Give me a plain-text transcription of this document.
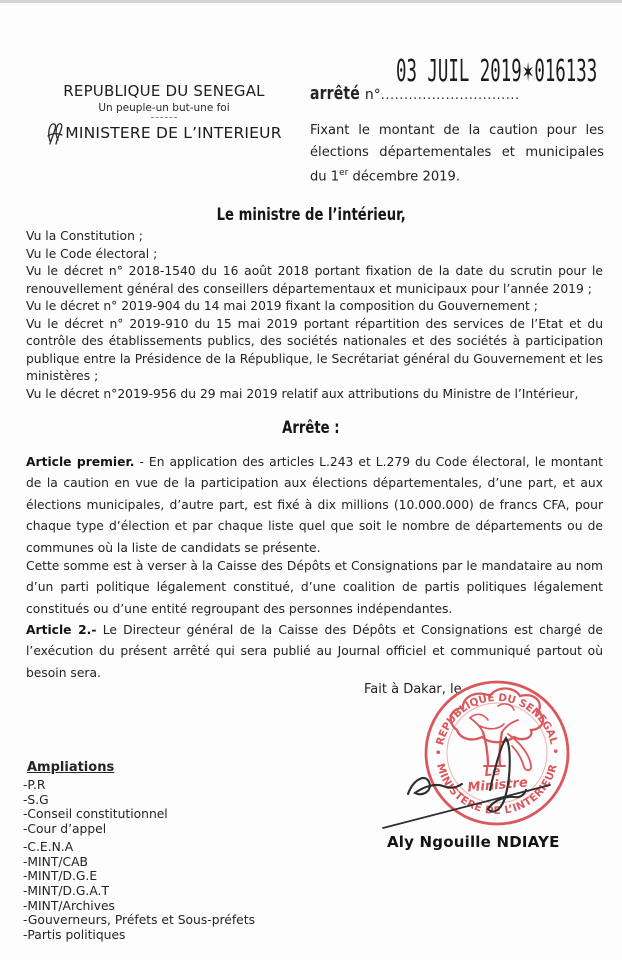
03 JUIL 2019✶016133
REPUBLIQUE DU SENEGAL
Un peuple-un but-une foi
MINISTERE DE L’INTERIEUR
arrêté n°..............................
Fixant le montant de la caution pour les élections départementales et municipales du 1er décembre 2019.
Le ministre de l’intérieur,

Vu la Constitution ;

Vu le Code électoral ;

Vu le décret n° 2018-1540 du 16 août 2018 portant fixation de la date du scrutin pour le renouvellement général des conseillers départementaux et municipaux pour l’année 2019 ;

Vu le décret n° 2019-904 du 14 mai 2019 fixant la composition du Gouvernement ;

Vu le décret n° 2019-910 du 15 mai 2019 portant répartition des services de l’Etat et du contrôle des établissements publics, des sociétés nationales et des sociétés à participation publique entre la Présidence de la République, le Secrétariat général du Gouvernement et les ministères ;

Vu le décret n°2019-956 du 29 mai 2019 relatif aux attributions du Ministre de l’Intérieur,

Arrête :
Article premier. - En application des articles L.243 et L.279 du Code électoral, le montant de la caution en vue de la participation aux élections départementales, d’une part, et aux élections municipales, d’autre part, est fixé à dix millions (10.000.000) de francs CFA, pour chaque type d’élection et par chaque liste quel que soit le nombre de départements ou de communes où la liste de candidats se présente.
Cette somme est à verser à la Caisse des Dépôts et Consignations par le mandataire au nom d’un parti politique légalement constitué, d’une coalition de partis politiques légalement constitués ou d’une entité regroupant des personnes indépendantes.
Article 2.- Le Directeur général de la Caisse des Dépôts et Consignations est chargé de l’exécution du présent arrêté qui sera publié au Journal officiel et communiqué partout où besoin sera.
Fait à Dakar, le
• REPUBLIQUE DU SENEGAL •
MINISTERE DE L’INTERIEUR
Le
Ministre
Aly Ngouille NDIAYE
Ampliations
-P.R
-S.G
-Conseil constitutionnel
-Cour d’appel
-C.E.N.A
-MINT/CAB
-MINT/D.G.E
-MINT/D.G.A.T
-MINT/Archives
-Gouverneurs, Préfets et Sous-préfets
-Partis politiques
